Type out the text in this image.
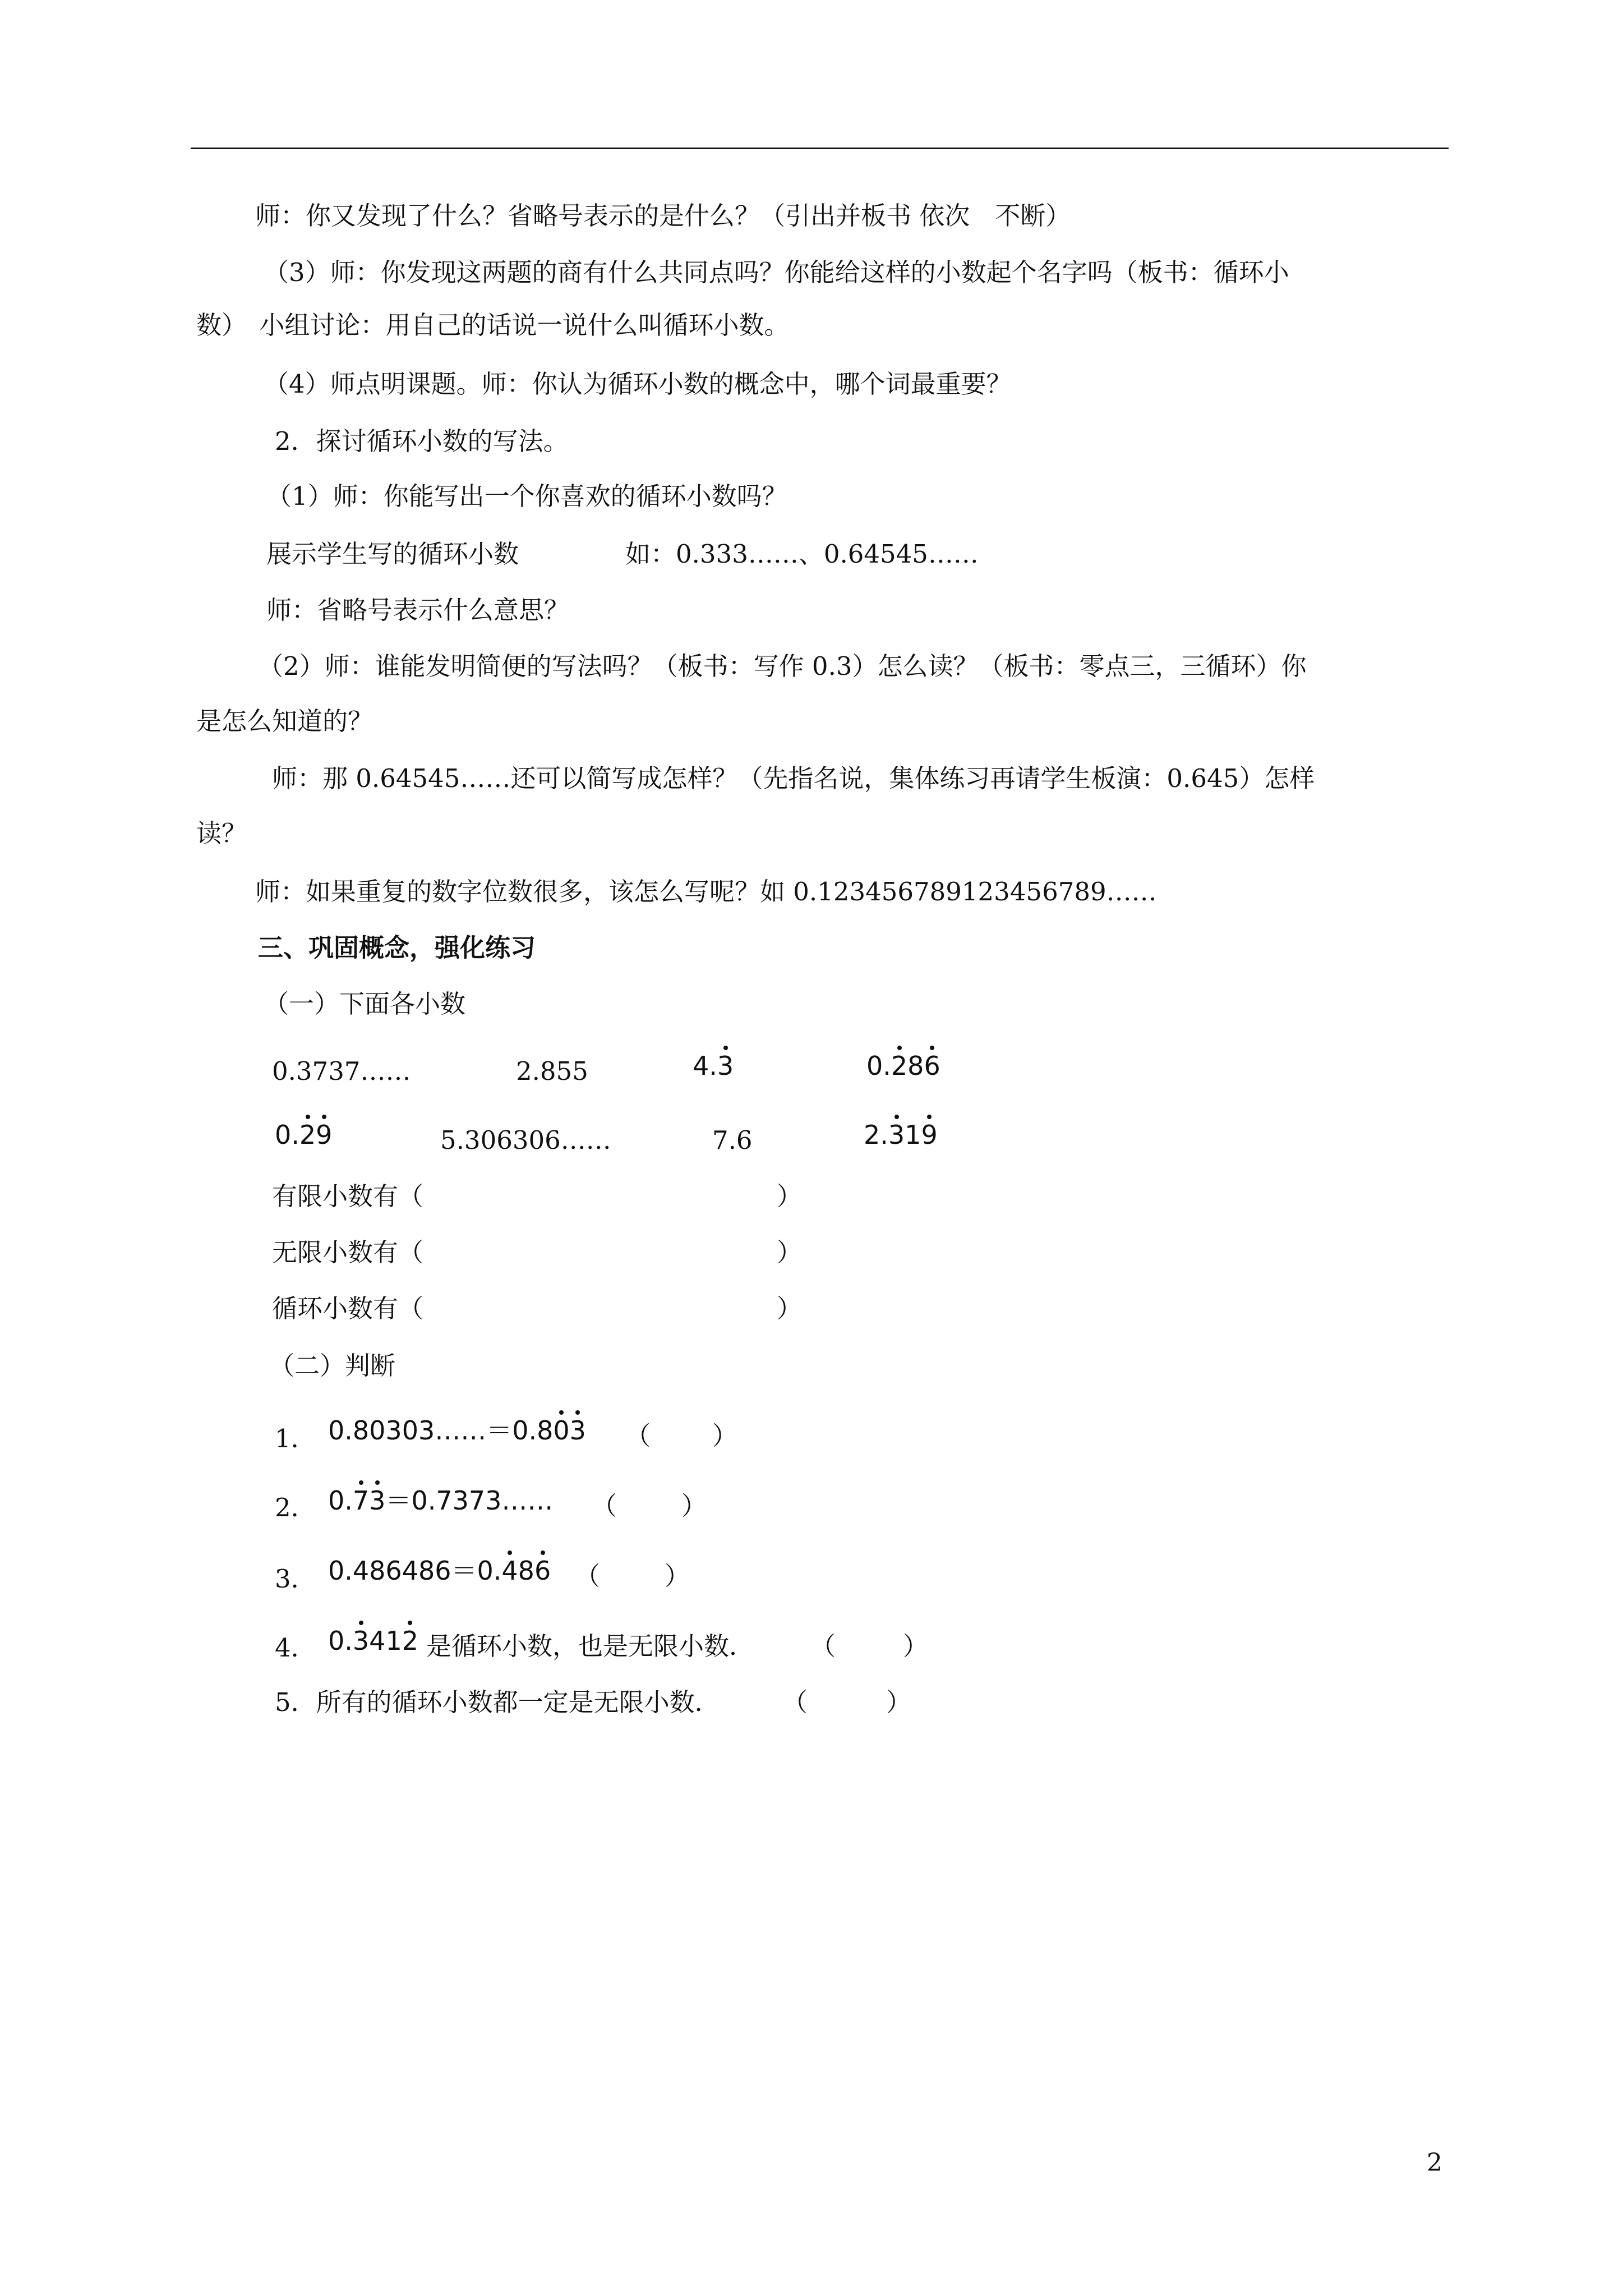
师：你又发现了什么？省略号表示的是什么？（引出并板书 依次　不断）
（3）师：你发现这两题的商有什么共同点吗？你能给这样的小数起个名字吗（板书：循环小
数）　小组讨论：用自己的话说一说什么叫循环小数。
（4）师点明课题。师：你认为循环小数的概念中，哪个词最重要？
2．探讨循环小数的写法。
（1）师：你能写出一个你喜欢的循环小数吗？
展示学生写的循环小数	如：0.333……、0.64545……
师：省略号表示什么意思？
（2）师：谁能发明简便的写法吗？（板书：写作 0.3）怎么读？（板书：零点三，三循环）你
是怎么知道的？
师：那 0.64545……还可以简写成怎样？（先指名说，集体练习再请学生板演：0.645）怎样
读？
师：如果重复的数字位数很多，该怎么写呢？如 0.123456789123456789……
三、巩固概念，强化练习
（一）下面各小数
0.3737……	2.855	4.3	0.286
0.29	5.306306……	7.6	2.319
有限小数有（	）
无限小数有（	）
循环小数有（	）
（二）判断
1． 0.80303……＝0.803 （ ）
2． 0.73＝0.7373…… （	）
3． 0.486486＝0.486 （	）
4． 0.3412 是循环小数，也是无限小数． （	）
5．所有的循环小数都一定是无限小数． （	）
2
